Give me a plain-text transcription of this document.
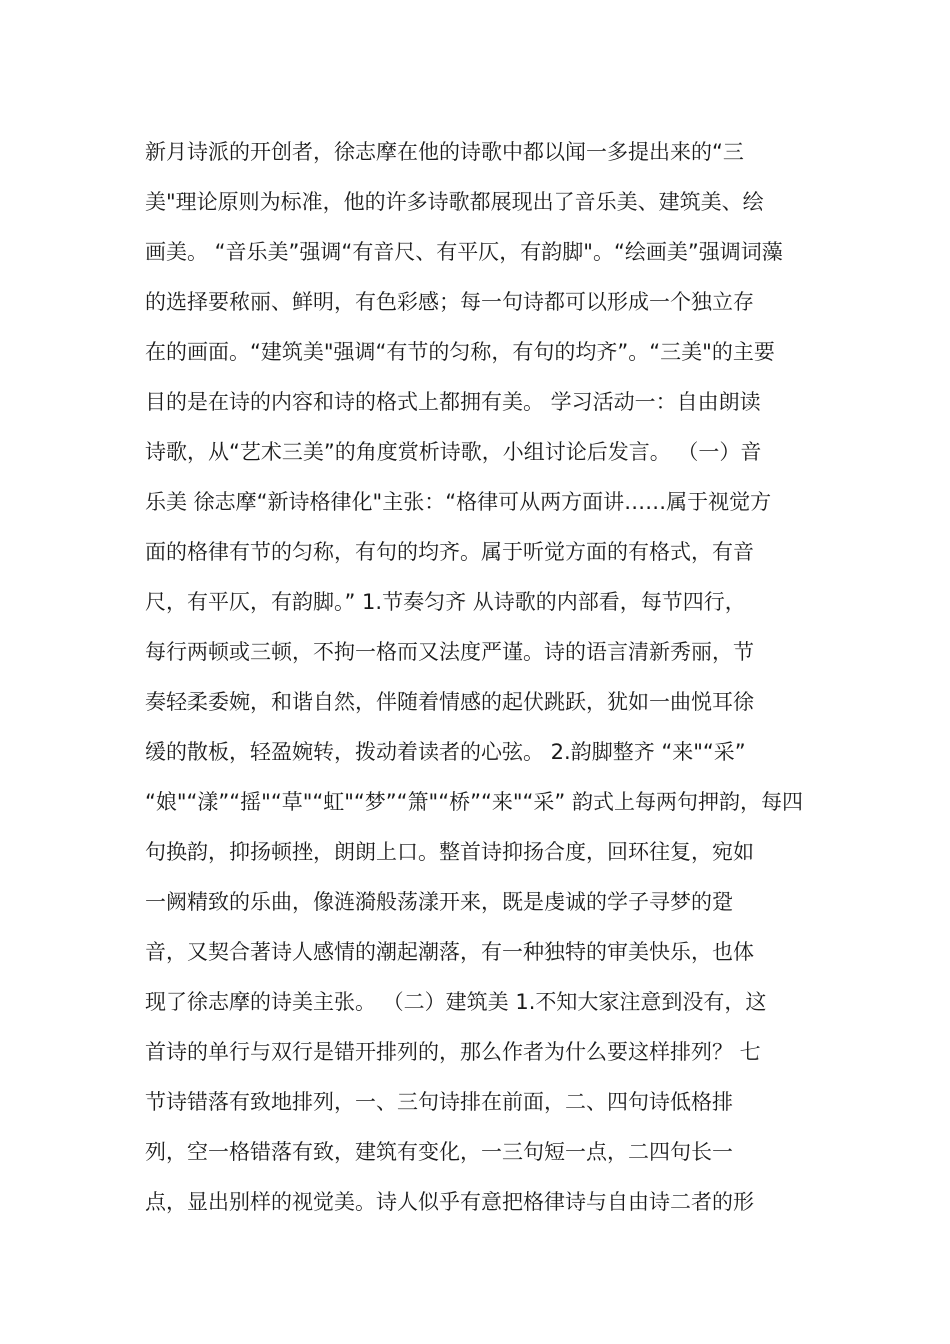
新月诗派的开创者，徐志摩在他的诗歌中都以闻一多提出来的“三
美"理论原则为标准，他的许多诗歌都展现出了音乐美、建筑美、绘
画美。 “音乐美”强调“有音尺、有平仄，有韵脚"。“绘画美”强调词藻
的选择要秾丽、鲜明，有色彩感；每一句诗都可以形成一个独立存
在的画面。“建筑美"强调“有节的匀称，有句的均齐”。“三美"的主要
目的是在诗的内容和诗的格式上都拥有美。 学习活动一：自由朗读
诗歌，从“艺术三美”的角度赏析诗歌，小组讨论后发言。 （一）音
乐美 徐志摩“新诗格律化"主张：“格律可从两方面讲……属于视觉方
面的格律有节的匀称，有句的均齐。属于听觉方面的有格式，有音
尺，有平仄，有韵脚。” 1.节奏匀齐 从诗歌的内部看，每节四行，
每行两顿或三顿，不拘一格而又法度严谨。诗的语言清新秀丽，节
奏轻柔委婉，和谐自然，伴随着情感的起伏跳跃，犹如一曲悦耳徐
缓的散板，轻盈婉转，拨动着读者的心弦。 2.韵脚整齐 “来"“采”
“娘"“漾”“摇"“草"“虹"“梦”“箫"“桥”“来"“采” 韵式上每两句押韵，每四
句换韵，抑扬顿挫，朗朗上口。整首诗抑扬合度，回环往复，宛如
一阙精致的乐曲，像涟漪般荡漾开来，既是虔诚的学子寻梦的跫
音，又契合著诗人感情的潮起潮落，有一种独特的审美快乐，也体
现了徐志摩的诗美主张。 （二）建筑美 1.不知大家注意到没有，这
首诗的单行与双行是错开排列的，那么作者为什么要这样排列？ 七
节诗错落有致地排列，一、三句诗排在前面，二、四句诗低格排
列，空一格错落有致，建筑有变化，一三句短一点，二四句长一
点，显出别样的视觉美。诗人似乎有意把格律诗与自由诗二者的形
